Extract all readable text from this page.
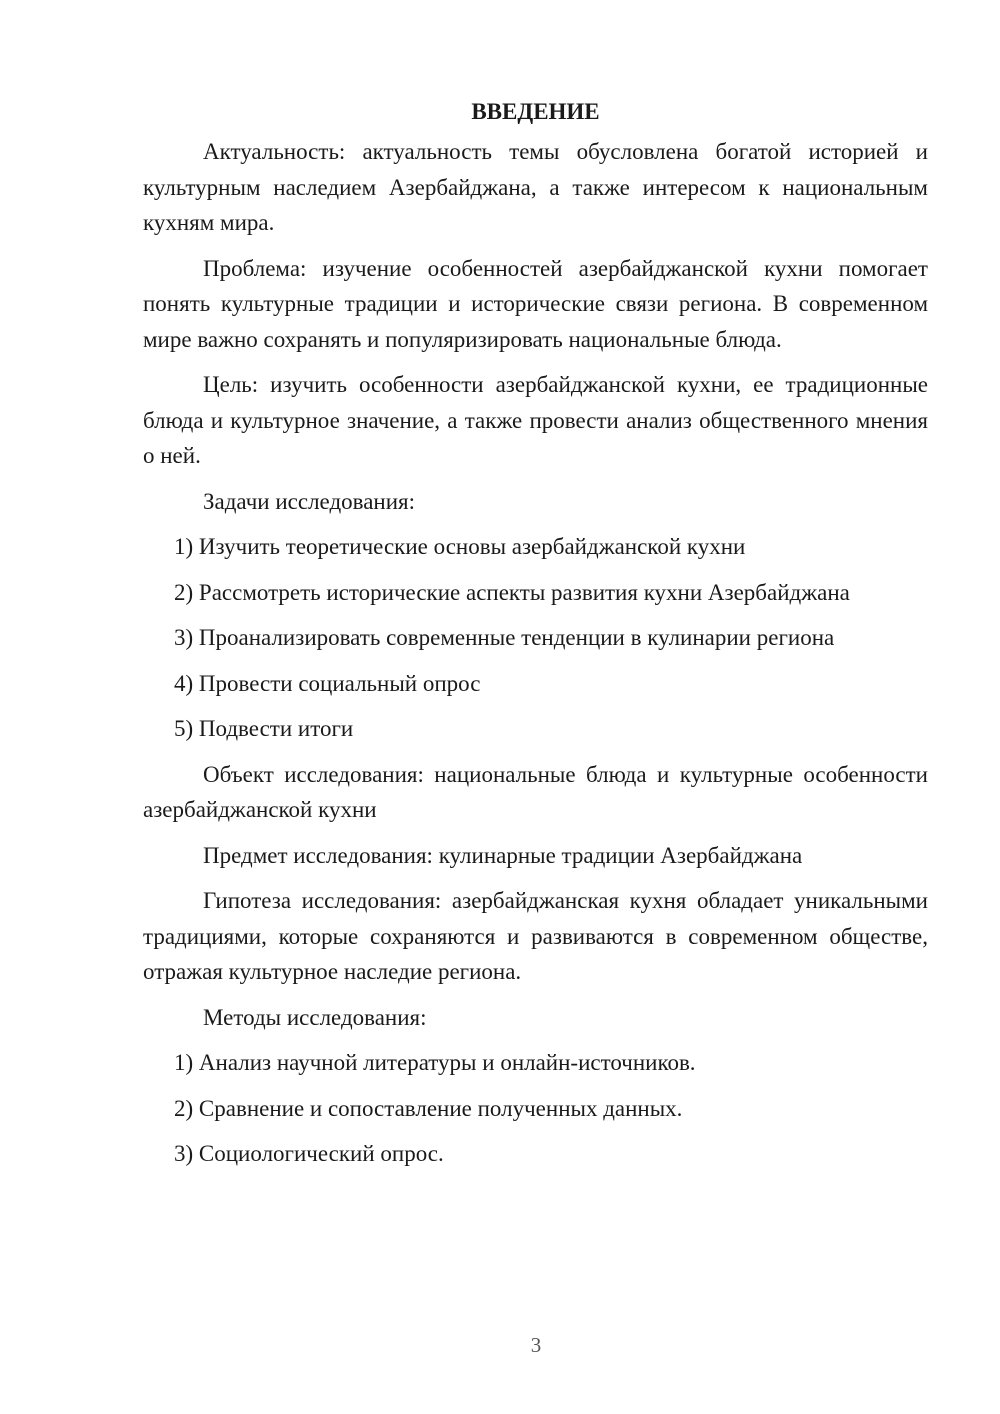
ВВЕДЕНИЕ

Актуальность: актуальность темы обусловлена богатой историей и культурным наследием Азербайджана, а также интересом к национальным кухням мира.

Проблема: изучение особенностей азербайджанской кухни помогает понять культурные традиции и исторические связи региона. В современном мире важно сохранять и популяризировать национальные блюда.

Цель: изучить особенности азербайджанской кухни, ее традиционные блюда и культурное значение, а также провести анализ общественного мнения о ней.

Задачи исследования:

1) Изучить теоретические основы азербайджанской кухни

2) Рассмотреть исторические аспекты развития кухни Азербайджана

3) Проанализировать современные тенденции в кулинарии региона

4) Провести социальный опрос

5) Подвести итоги

Объект исследования: национальные блюда и культурные особенности азербайджанской кухни

Предмет исследования: кулинарные традиции Азербайджана

Гипотеза исследования: азербайджанская кухня обладает уникальными традициями, которые сохраняются и развиваются в современном обществе, отражая культурное наследие региона.

Методы исследования:

1) Анализ научной литературы и онлайн-источников.

2) Сравнение и сопоставление полученных данных.

3) Социологический опрос.

3
